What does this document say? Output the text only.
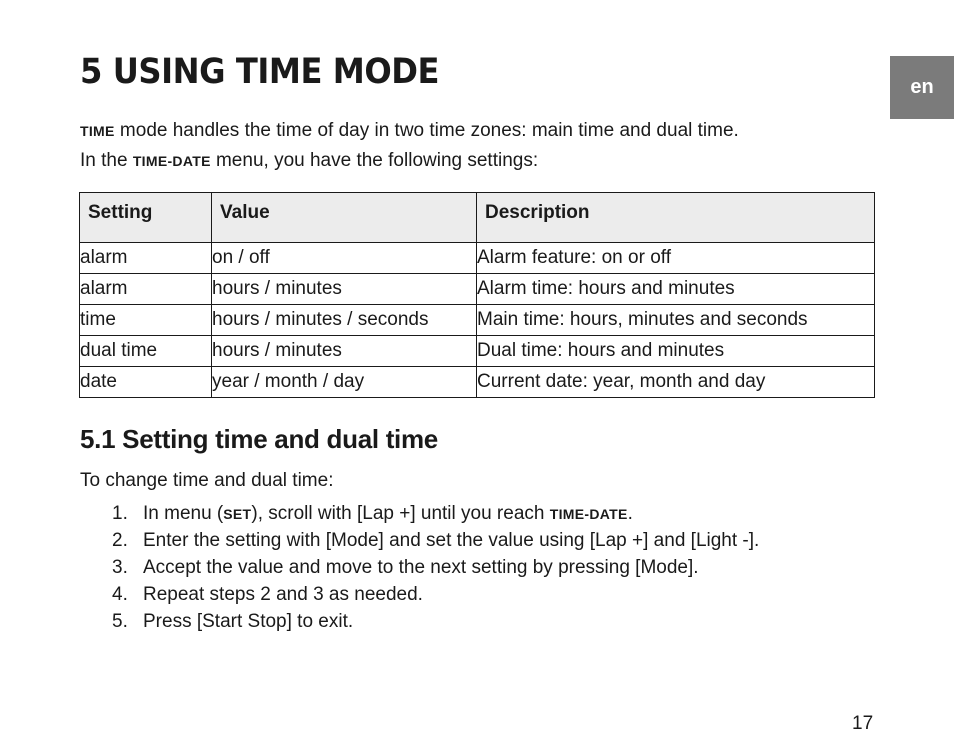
5 USING TIME MODE	en

TIME mode handles the time of day in two time zones: main time and dual time.

In the TIME-DATE menu, you have the following settings:

Setting	Value	Description
alarm	on / off	Alarm feature: on or off
alarm	hours / minutes	Alarm time: hours and minutes
time	hours / minutes / seconds	Main time: hours, minutes and seconds
dual time	hours / minutes	Dual time: hours and minutes
date	year / month / day	Current date: year, month and day
5.1 Setting time and dual time

To change time and dual time:

1. In menu (SET), scroll with [Lap +] until you reach TIME-DATE.
2. Enter the setting with [Mode] and set the value using [Lap +] and [Light -].
3. Accept the value and move to the next setting by pressing [Mode].
4. Repeat steps 2 and 3 as needed.
5. Press [Start Stop] to exit.
17
